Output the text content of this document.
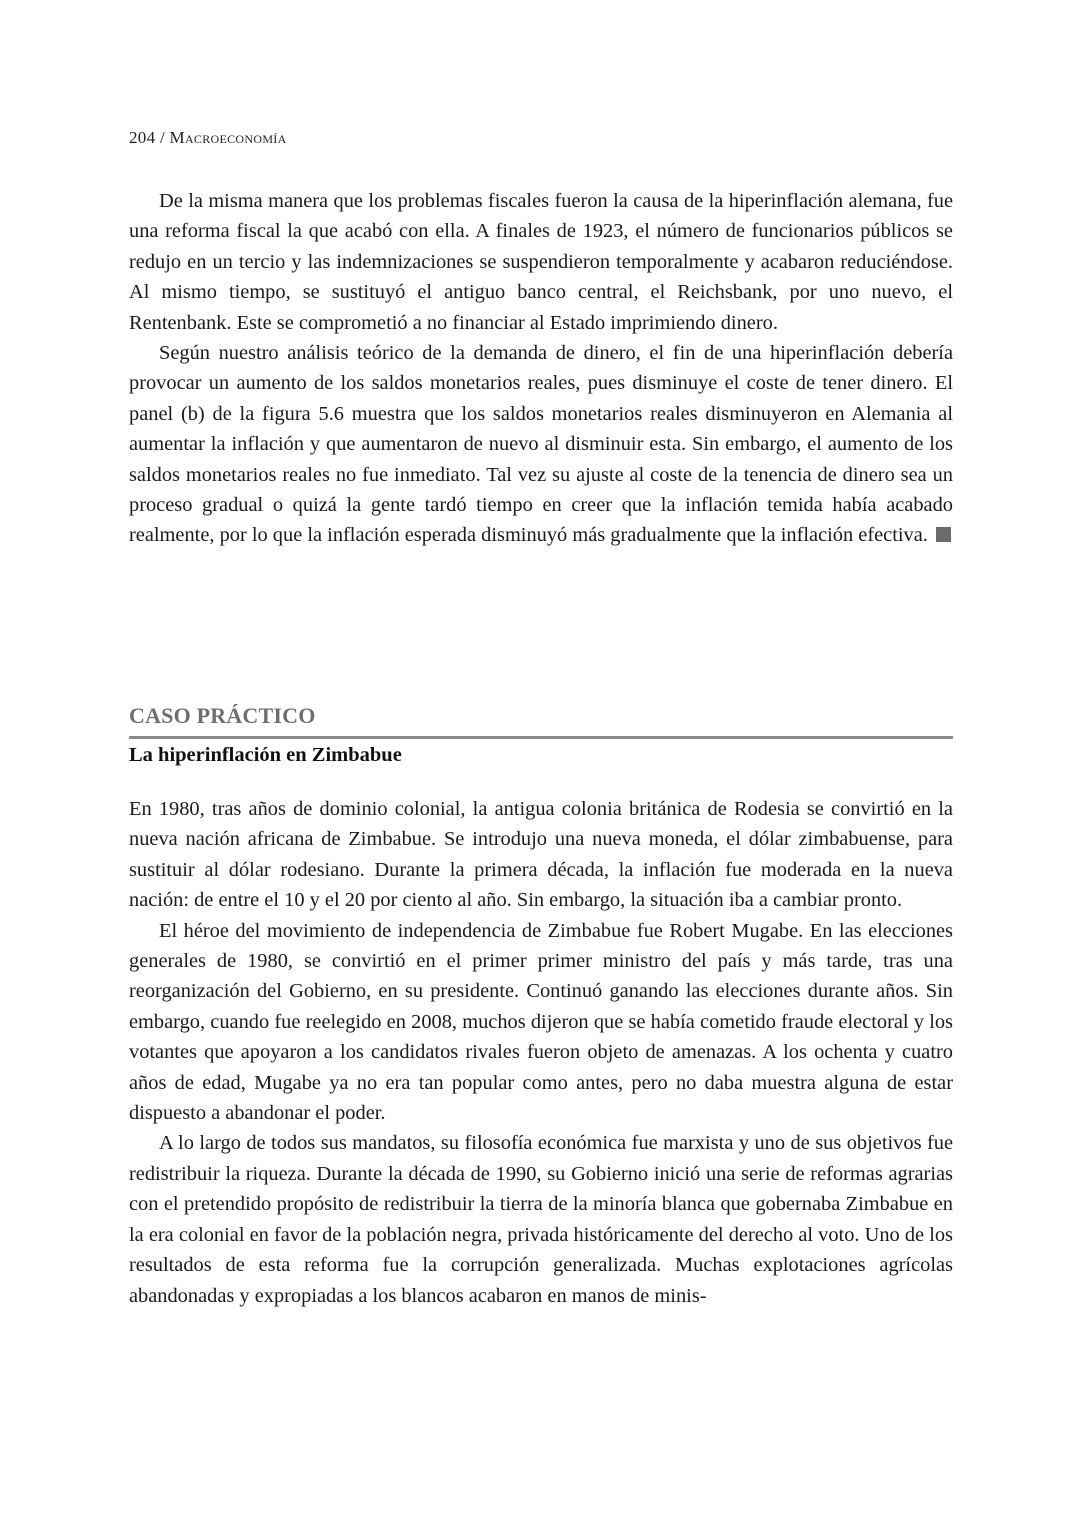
204 / Macroeconomía

De la misma manera que los problemas fiscales fueron la causa de la hiperinflación alemana, fue una reforma fiscal la que acabó con ella. A finales de 1923, el número de funcionarios públicos se redujo en un tercio y las indemnizaciones se suspendieron temporalmente y acabaron reduciéndose. Al mismo tiempo, se sustituyó el antiguo banco central, el Reichsbank, por uno nuevo, el Rentenbank. Este se comprometió a no financiar al Estado imprimiendo dinero.

Según nuestro análisis teórico de la demanda de dinero, el fin de una hiperinflación debería provocar un aumento de los saldos monetarios reales, pues disminuye el coste de tener dinero. El panel (b) de la figura 5.6 muestra que los saldos monetarios reales disminuyeron en Alemania al aumentar la inflación y que aumentaron de nuevo al disminuir esta. Sin embargo, el aumento de los saldos monetarios reales no fue inmediato. Tal vez su ajuste al coste de la tenencia de dinero sea un proceso gradual o quizá la gente tardó tiempo en creer que la inflación temida había acabado realmente, por lo que la inflación esperada disminuyó más gradualmente que la inflación efectiva.

CASO PRÁCTICO
La hiperinflación en Zimbabue

En 1980, tras años de dominio colonial, la antigua colonia británica de Rodesia se convirtió en la nueva nación africana de Zimbabue. Se introdujo una nueva moneda, el dólar zimbabuense, para sustituir al dólar rodesiano. Durante la primera década, la inflación fue moderada en la nueva nación: de entre el 10 y el 20 por ciento al año. Sin embargo, la situación iba a cambiar pronto.

El héroe del movimiento de independencia de Zimbabue fue Robert Mugabe. En las elecciones generales de 1980, se convirtió en el primer primer ministro del país y más tarde, tras una reorganización del Gobierno, en su presidente. Continuó ganando las elecciones durante años. Sin embargo, cuando fue reelegido en 2008, muchos dijeron que se había cometido fraude electoral y los votantes que apoyaron a los candidatos rivales fueron objeto de amenazas. A los ochenta y cuatro años de edad, Mugabe ya no era tan popular como antes, pero no daba muestra alguna de estar dispuesto a abandonar el poder.

A lo largo de todos sus mandatos, su filosofía económica fue marxista y uno de sus objetivos fue redistribuir la riqueza. Durante la década de 1990, su Gobierno inició una serie de reformas agrarias con el pretendido propósito de redistribuir la tierra de la minoría blanca que gobernaba Zimbabue en la era colonial en favor de la población negra, privada históricamente del derecho al voto. Uno de los resultados de esta reforma fue la corrupción generalizada. Muchas explotaciones agrícolas abandonadas y expropiadas a los blancos acabaron en manos de minis-
